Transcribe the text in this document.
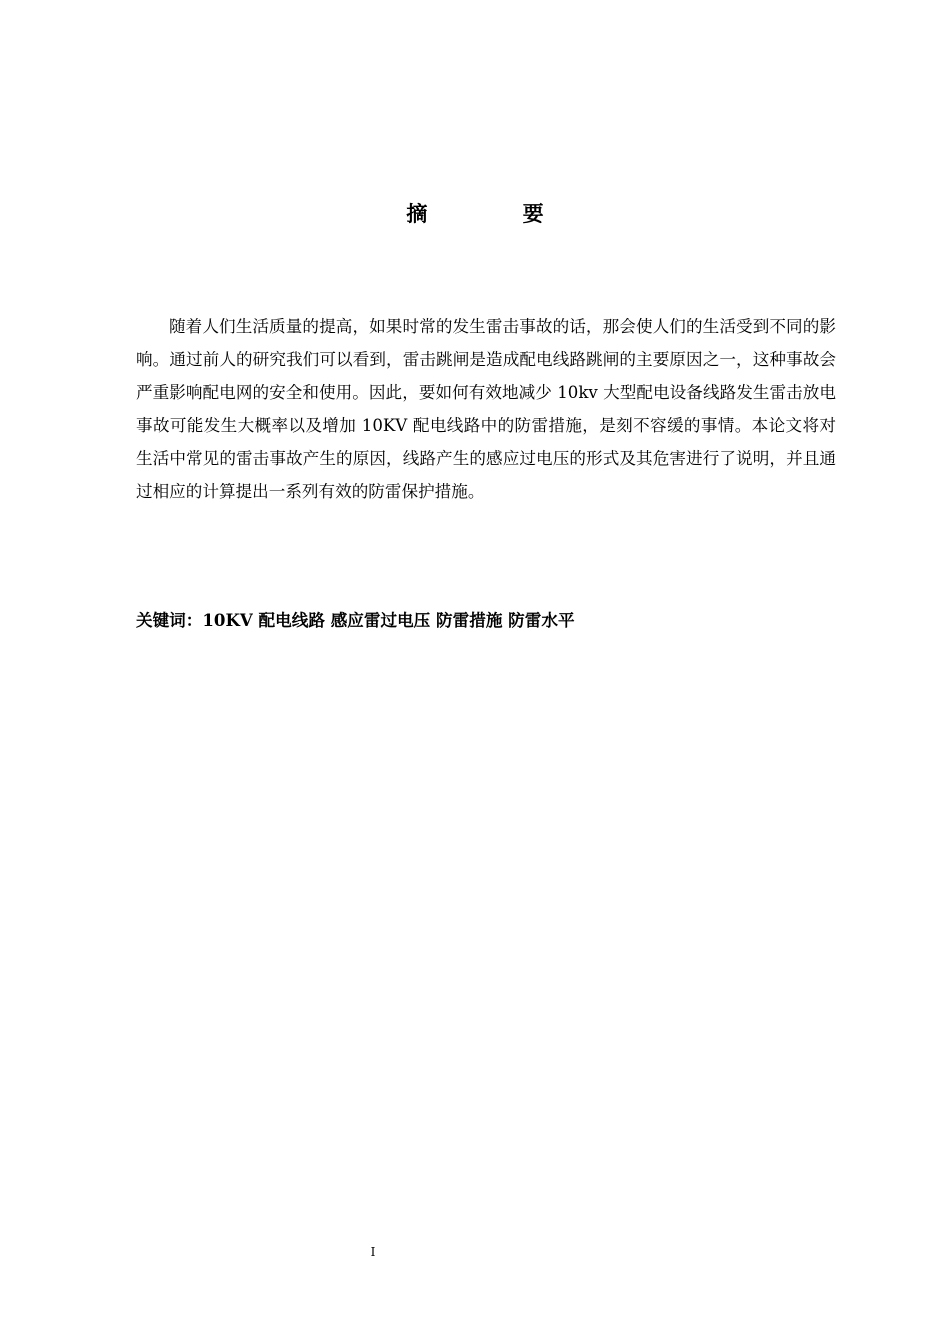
摘 要

随着人们生活质量的提高，如果时常的发生雷击事故的话，那会使人们的生活受到不同的影响。通过前人的研究我们可以看到，雷击跳闸是造成配电线路跳闸的主要原因之一，这种事故会严重影响配电网的安全和使用。因此，要如何有效地减少 10kv 大型配电设备线路发生雷击放电事故可能发生大概率以及增加 10KV 配电线路中的防雷措施，是刻不容缓的事情。本论文将对生活中常见的雷击事故产生的原因，线路产生的感应过电压的形式及其危害进行了说明，并且通过相应的计算提出一系列有效的防雷保护措施。

关键词：10KV 配电线路 感应雷过电压 防雷措施 防雷水平

I
